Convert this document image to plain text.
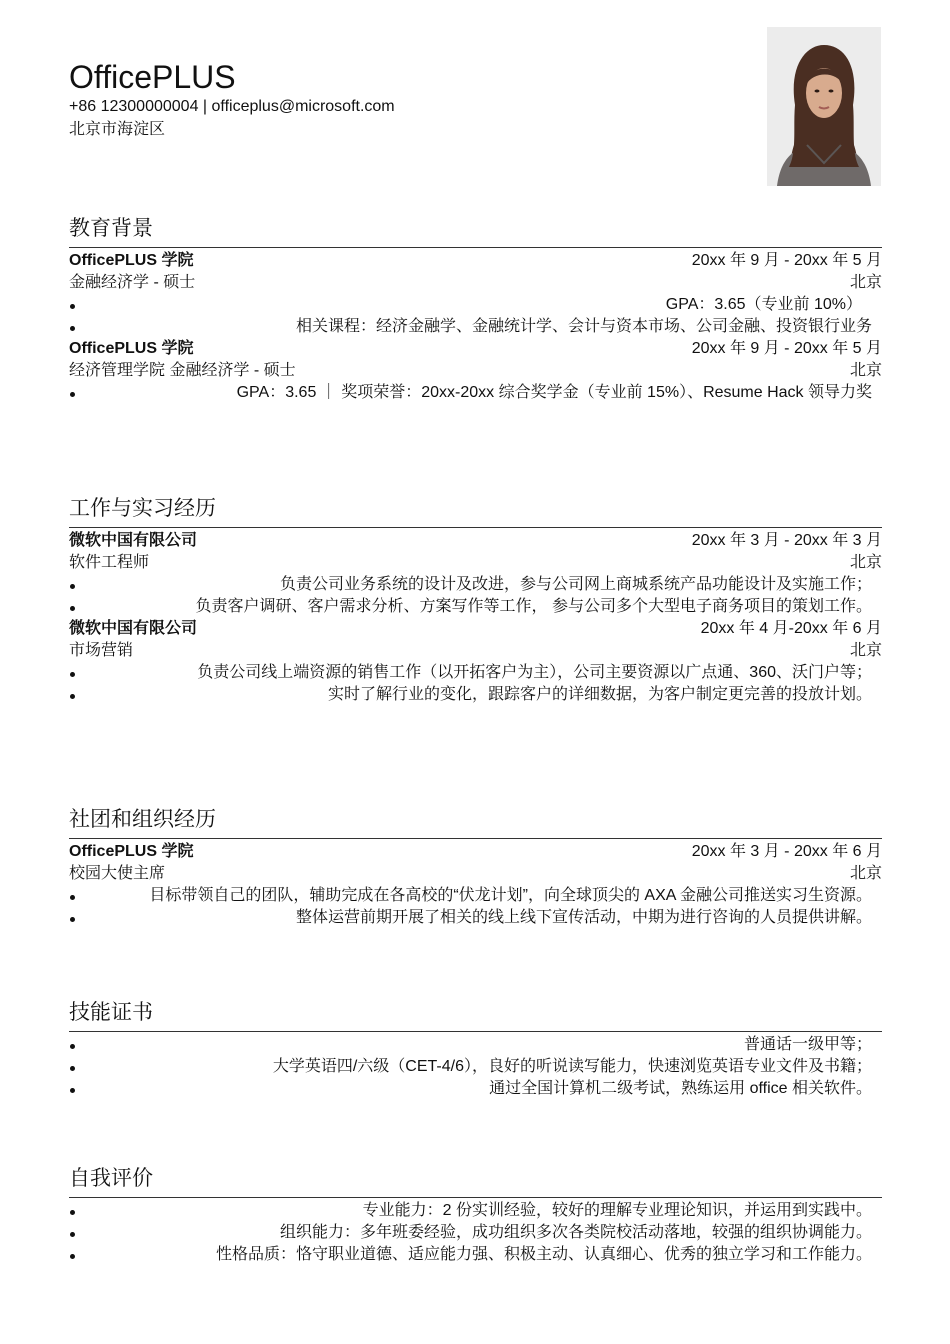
OfficePLUS
+86 12300000004 | officeplus@microsoft.com
北京市海淀区
教育背景
OfficePLUS 学院	20xx 年 9 月 - 20xx 年 5 月
金融经济学 - 硕士	北京
GPA：3.65（专业前 10%）
相关课程：经济金融学、金融统计学、会计与资本市场、公司金融、投资银行业务
OfficePLUS 学院	20xx 年 9 月 - 20xx 年 5 月
经济管理学院 金融经济学 - 硕士	北京
GPA：3.65 ｜ 奖项荣誉：20xx-20xx 综合奖学金（专业前 15%）、Resume Hack 领导力奖
工作与实习经历
微软中国有限公司	20xx 年 3 月 - 20xx 年 3 月
软件工程师	北京
负责公司业务系统的设计及改进，参与公司网上商城系统产品功能设计及实施工作；
负责客户调研、客户需求分析、方案写作等工作， 参与公司多个大型电子商务项目的策划工作。
微软中国有限公司	20xx 年 4 月-20xx 年 6 月
市场营销	北京
负责公司线上端资源的销售工作（以开拓客户为主），公司主要资源以广点通、360、沃门户等；
实时了解行业的变化，跟踪客户的详细数据，为客户制定更完善的投放计划。
社团和组织经历
OfficePLUS 学院	20xx 年 3 月 - 20xx 年 6 月
校园大使主席	北京
目标带领自己的团队，辅助完成在各高校的“伏龙计划”，向全球顶尖的 AXA 金融公司推送实习生资源。
整体运营前期开展了相关的线上线下宣传活动，中期为进行咨询的人员提供讲解。
技能证书
普通话一级甲等；
大学英语四/六级（CET-4/6），良好的听说读写能力，快速浏览英语专业文件及书籍；
通过全国计算机二级考试，熟练运用 office 相关软件。
自我评价
专业能力：2 份实训经验，较好的理解专业理论知识，并运用到实践中。
组织能力：多年班委经验，成功组织多次各类院校活动落地，较强的组织协调能力。
性格品质：恪守职业道德、适应能力强、积极主动、认真细心、优秀的独立学习和工作能力。
